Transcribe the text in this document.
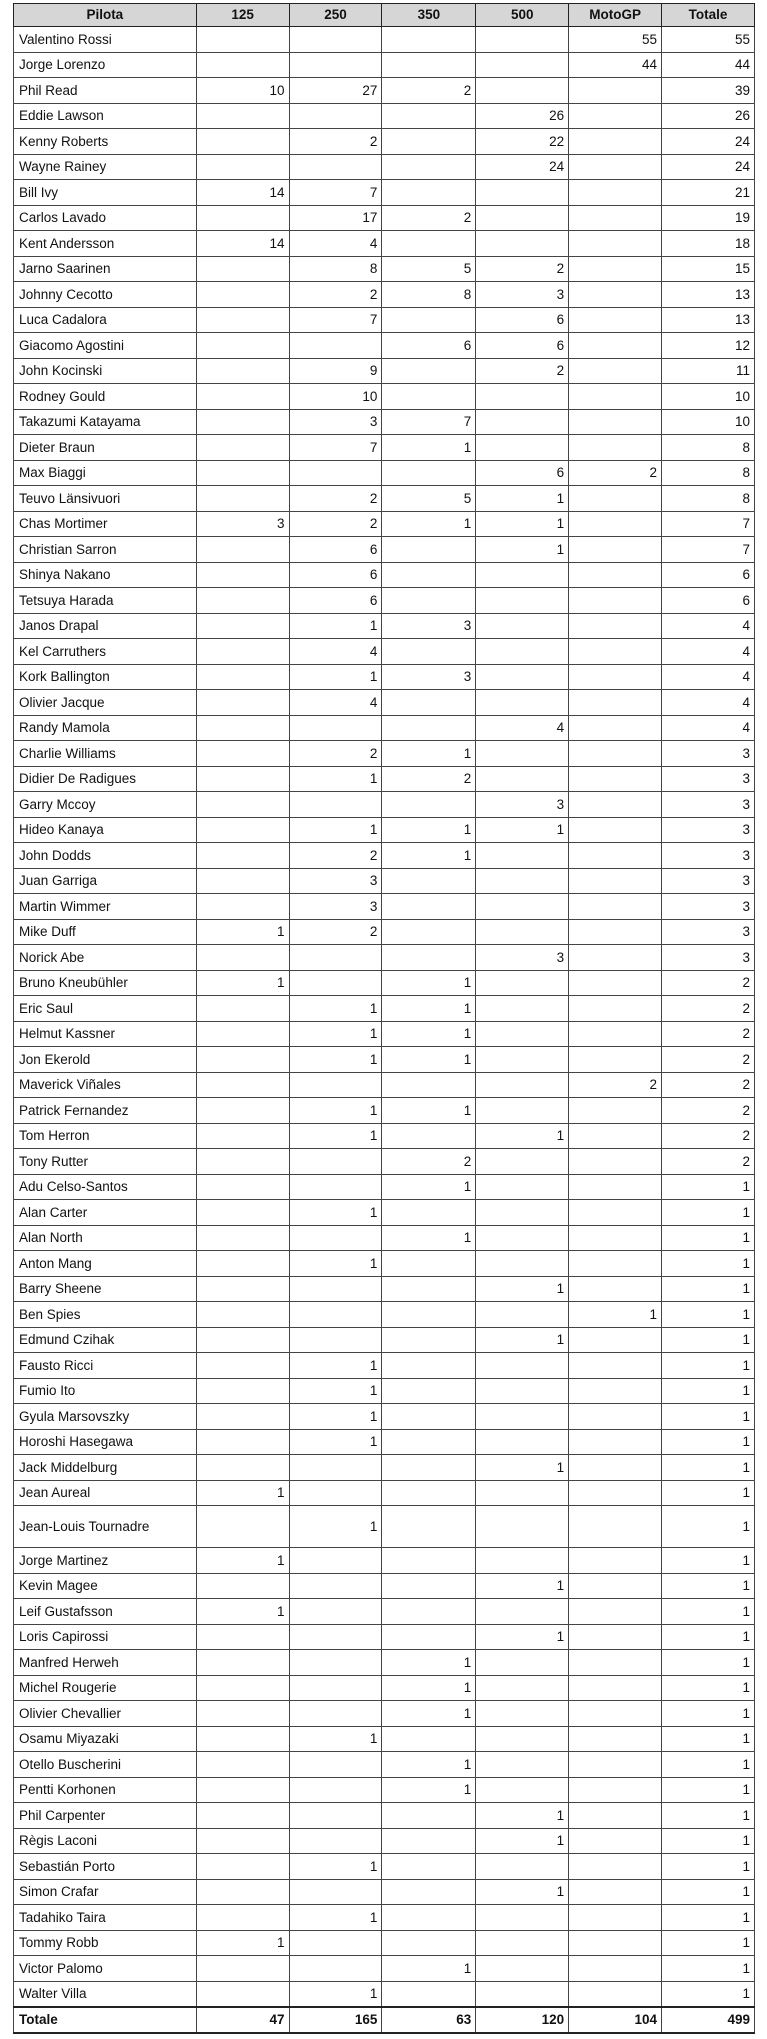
Pilota	125	250	350	500	MotoGP	Totale
Valentino Rossi					55	55
Jorge Lorenzo					44	44
Phil Read	10	27	2			39
Eddie Lawson				26		26
Kenny Roberts		2		22		24
Wayne Rainey				24		24
Bill Ivy	14	7				21
Carlos Lavado		17	2			19
Kent Andersson	14	4				18
Jarno Saarinen		8	5	2		15
Johnny Cecotto		2	8	3		13
Luca Cadalora		7		6		13
Giacomo Agostini			6	6		12
John Kocinski		9		2		11
Rodney Gould		10				10
Takazumi Katayama		3	7			10
Dieter Braun		7	1			8
Max Biaggi				6	2	8
Teuvo Länsivuori		2	5	1		8
Chas Mortimer	3	2	1	1		7
Christian Sarron		6		1		7
Shinya Nakano		6				6
Tetsuya Harada		6				6
Janos Drapal		1	3			4
Kel Carruthers		4				4
Kork Ballington		1	3			4
Olivier Jacque		4				4
Randy Mamola				4		4
Charlie Williams		2	1			3
Didier De Radigues		1	2			3
Garry Mccoy				3		3
Hideo Kanaya		1	1	1		3
John Dodds		2	1			3
Juan Garriga		3				3
Martin Wimmer		3				3
Mike Duff	1	2				3
Norick Abe				3		3
Bruno Kneubühler	1		1			2
Eric Saul		1	1			2
Helmut Kassner		1	1			2
Jon Ekerold		1	1			2
Maverick Viñales					2	2
Patrick Fernandez		1	1			2
Tom Herron		1		1		2
Tony Rutter			2			2
Adu Celso-Santos			1			1
Alan Carter		1				1
Alan North			1			1
Anton Mang		1				1
Barry Sheene				1		1
Ben Spies					1	1
Edmund Czihak				1		1
Fausto Ricci		1				1
Fumio Ito		1				1
Gyula Marsovszky		1				1
Horoshi Hasegawa		1				1
Jack Middelburg				1		1
Jean Aureal	1					1
Jean-Louis Tournadre		1				1
Jorge Martinez	1					1
Kevin Magee				1		1
Leif Gustafsson	1					1
Loris Capirossi				1		1
Manfred Herweh			1			1
Michel Rougerie			1			1
Olivier Chevallier			1			1
Osamu Miyazaki		1				1
Otello Buscherini			1			1
Pentti Korhonen			1			1
Phil Carpenter				1		1
Règis Laconi				1		1
Sebastián Porto		1				1
Simon Crafar				1		1
Tadahiko Taira		1				1
Tommy Robb	1					1
Victor Palomo			1			1
Walter Villa		1				1
Totale	47	165	63	120	104	499
